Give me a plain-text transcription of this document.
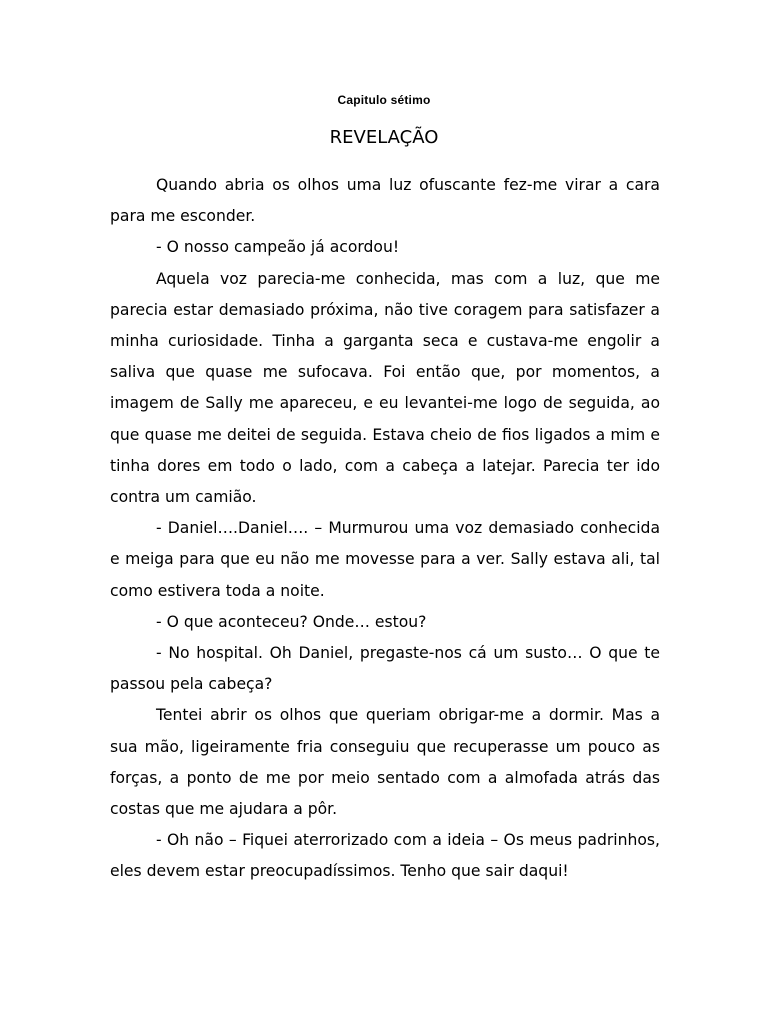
Capitulo sétimo
REVELAÇÃO

Quando abria os olhos uma luz ofuscante fez-me virar a cara para me esconder.

- O nosso campeão já acordou!

Aquela voz parecia-me conhecida, mas com a luz, que me parecia estar demasiado próxima, não tive coragem para satisfazer a minha curiosidade. Tinha a garganta seca e custava-me engolir a saliva que quase me sufocava. Foi então que, por momentos, a imagem de Sally me apareceu, e eu levantei-me logo de seguida, ao que quase me deitei de seguida. Estava cheio de fios ligados a mim e tinha dores em todo o lado, com a cabeça a latejar. Parecia ter ido contra um camião.

- Daniel….Daniel…. – Murmurou uma voz demasiado conhecida e meiga para que eu não me movesse para a ver. Sally estava ali, tal como estivera toda a noite.

- O que aconteceu? Onde… estou?

- No hospital. Oh Daniel, pregaste-nos cá um susto… O que te passou pela cabeça?

Tentei abrir os olhos que queriam obrigar-me a dormir. Mas a sua mão, ligeiramente fria conseguiu que recuperasse um pouco as forças, a ponto de me por meio sentado com a almofada atrás das costas que me ajudara a pôr.

- Oh não – Fiquei aterrorizado com a ideia – Os meus padrinhos, eles devem estar preocupadíssimos. Tenho que sair daqui!
